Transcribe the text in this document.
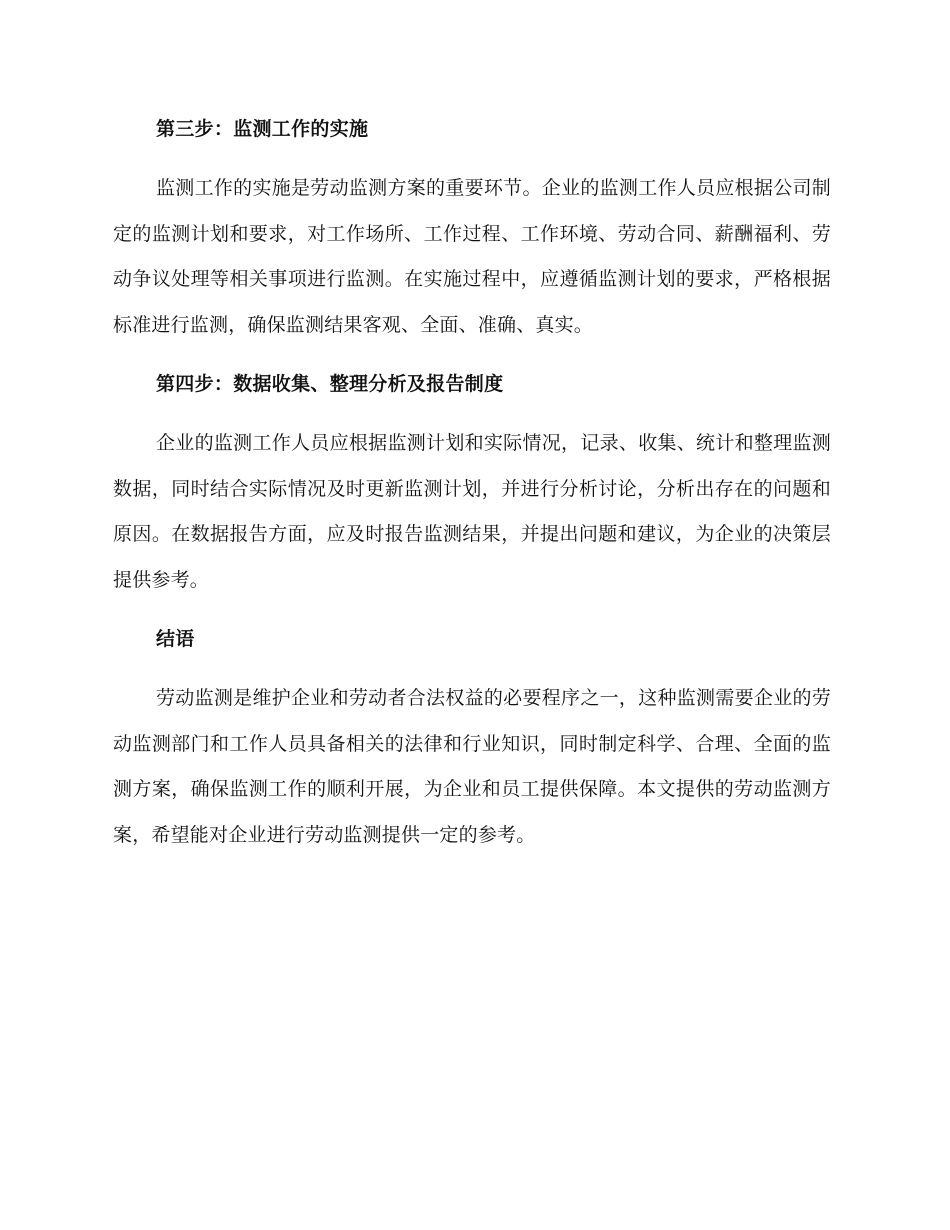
第三步：监测工作的实施

监测工作的实施是劳动监测方案的重要环节。企业的监测工作人员应根据公司制定的监测计划和要求，对工作场所、工作过程、工作环境、劳动合同、薪酬福利、劳动争议处理等相关事项进行监测。在实施过程中，应遵循监测计划的要求，严格根据标准进行监测，确保监测结果客观、全面、准确、真实。

第四步：数据收集、整理分析及报告制度

企业的监测工作人员应根据监测计划和实际情况，记录、收集、统计和整理监测数据，同时结合实际情况及时更新监测计划，并进行分析讨论，分析出存在的问题和原因。在数据报告方面，应及时报告监测结果，并提出问题和建议，为企业的决策层提供参考。

结语

劳动监测是维护企业和劳动者合法权益的必要程序之一，这种监测需要企业的劳动监测部门和工作人员具备相关的法律和行业知识，同时制定科学、合理、全面的监测方案，确保监测工作的顺利开展，为企业和员工提供保障。本文提供的劳动监测方案，希望能对企业进行劳动监测提供一定的参考。
